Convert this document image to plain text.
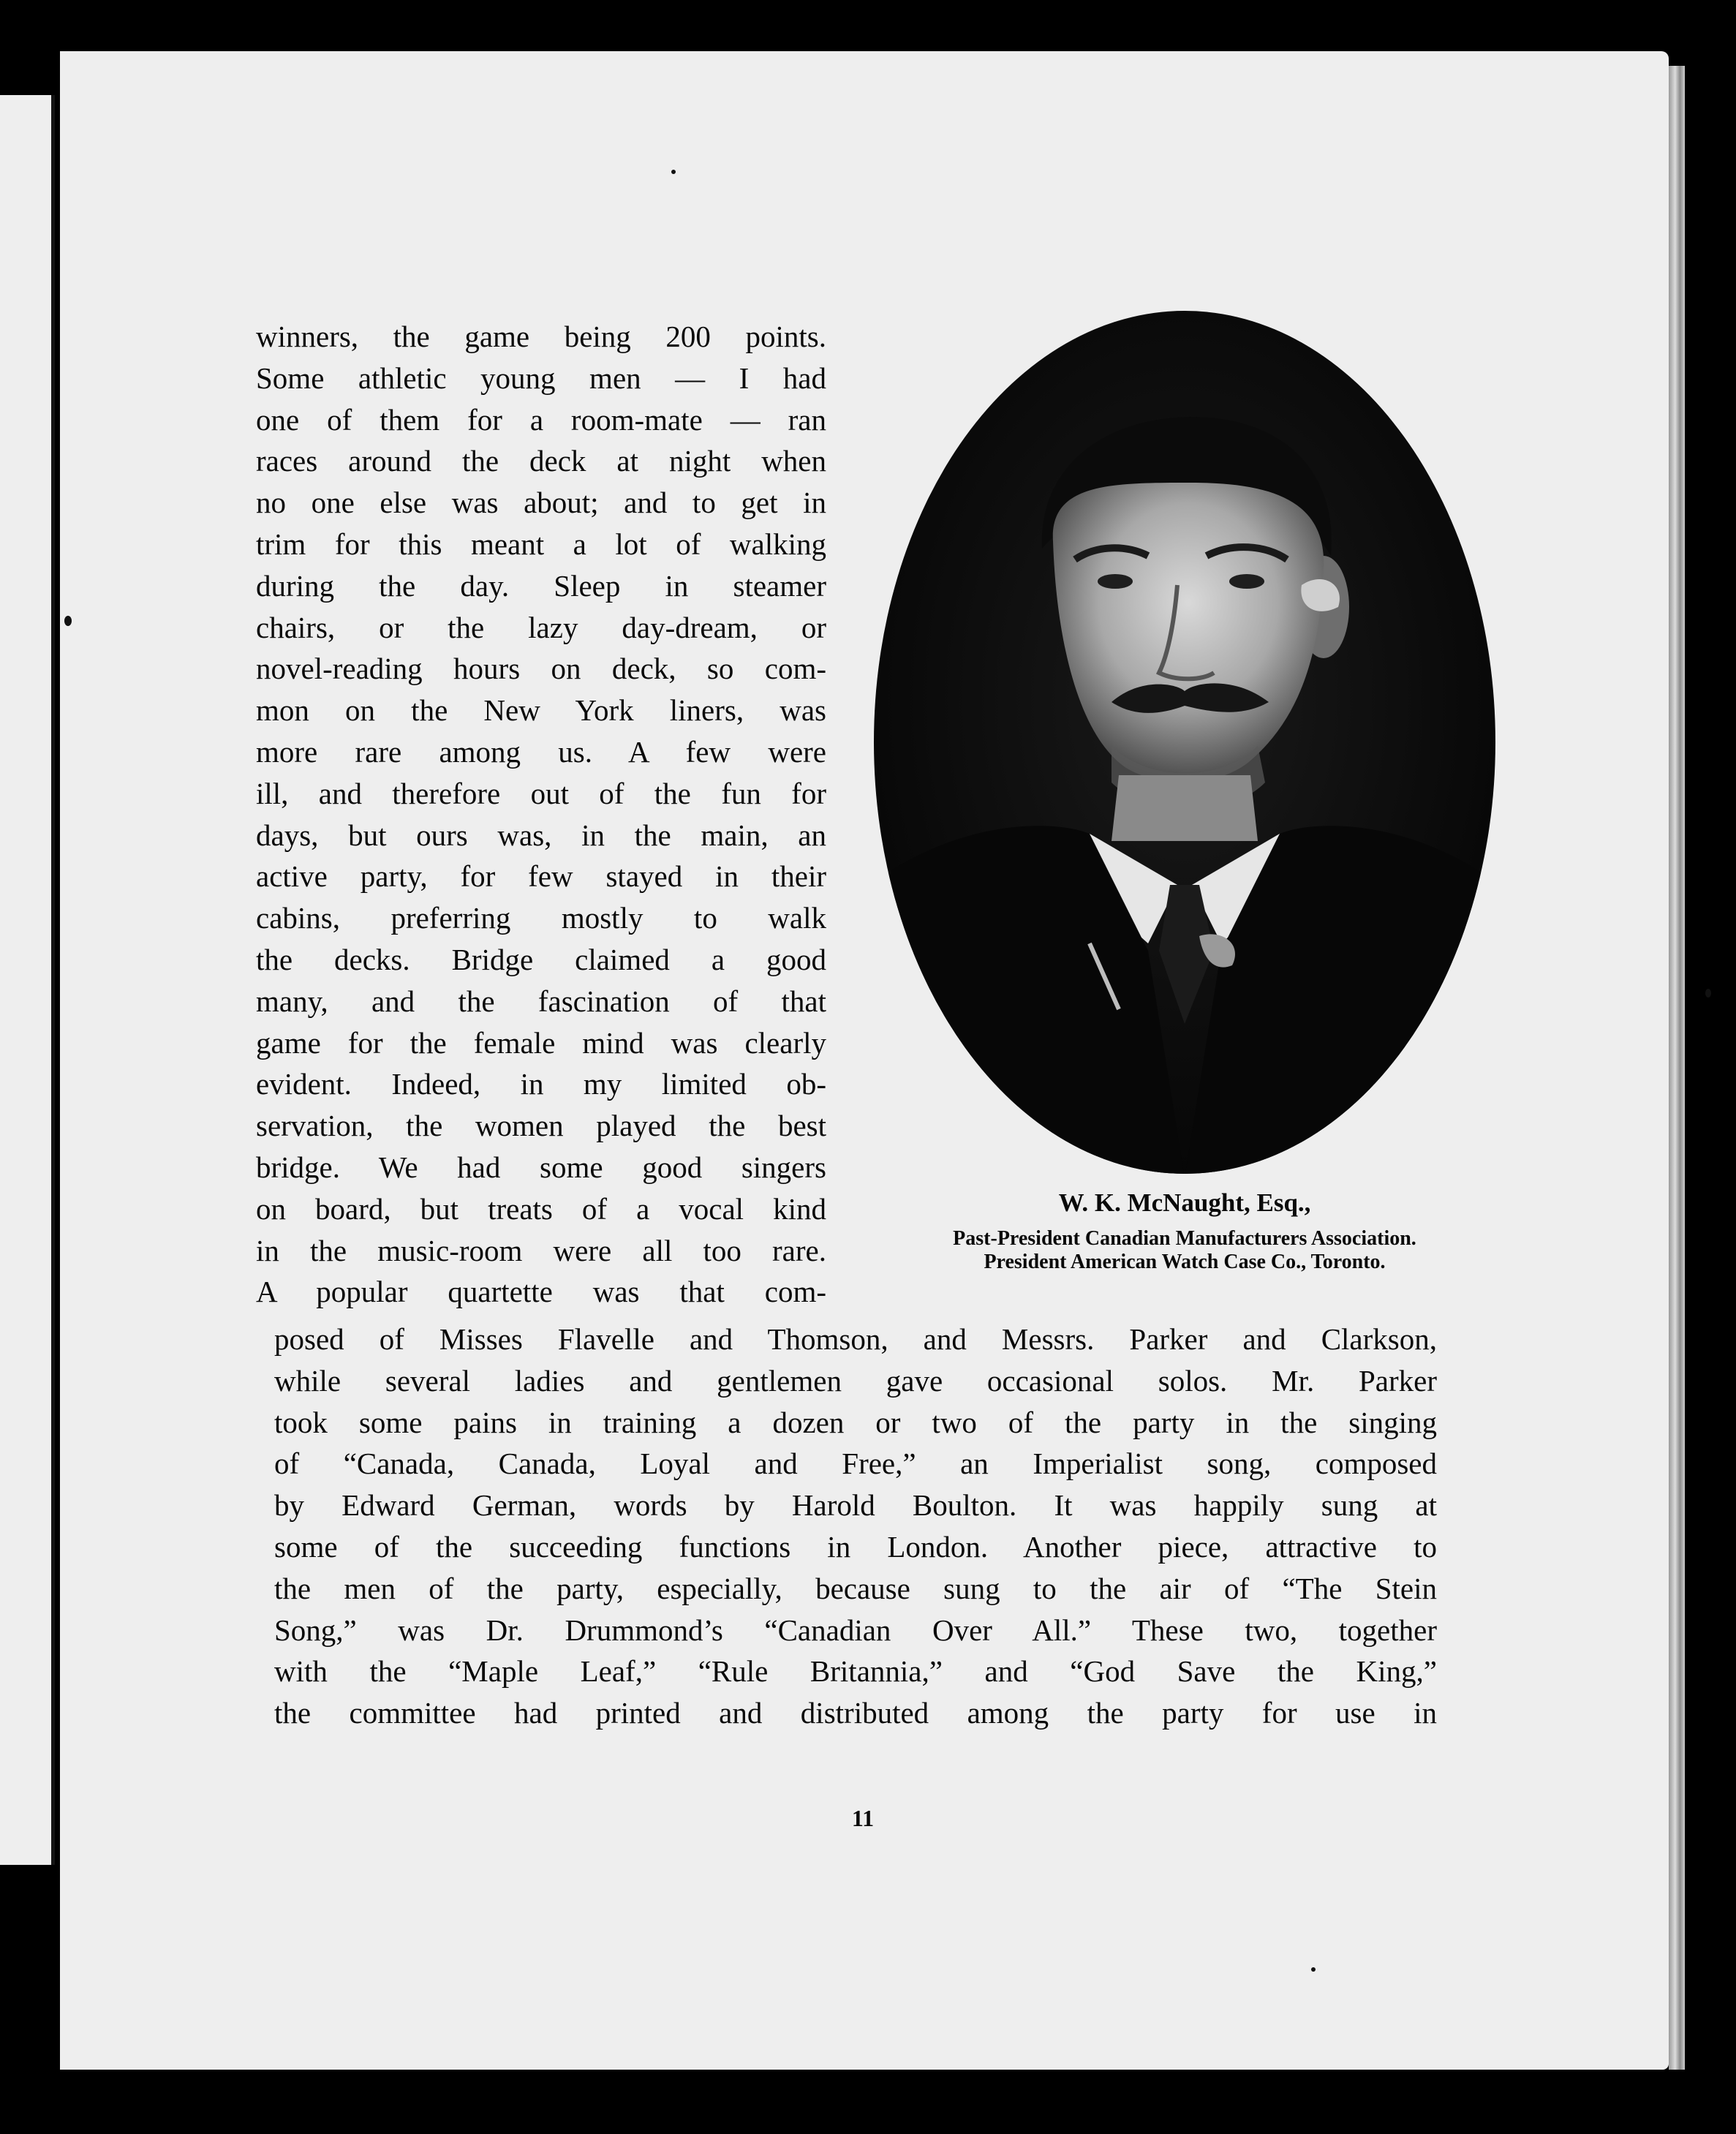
winners, the game being 200 points.
Some athletic young men — I had
one of them for a room-mate — ran
races around the deck at night when
no one else was about; and to get in
trim for this meant a lot of walking
during the day. Sleep in steamer
chairs, or the lazy day-dream, or
novel-reading hours on deck, so com-
mon on the New York liners, was
more rare among us. A few were
ill, and therefore out of the fun for
days, but ours was, in the main, an
active party, for few stayed in their
cabins, preferring mostly to walk
the decks. Bridge claimed a good
many, and the fascination of that
game for the female mind was clearly
evident. Indeed, in my limited ob-
servation, the women played the best
bridge. We had some good singers
on board, but treats of a vocal kind
in the music-room were all too rare.
A popular quartette was that com-
W. K. McNaught, Esq.,
Past-President Canadian Manufacturers Association.
President American Watch Case Co., Toronto.
posed of Misses Flavelle and Thomson, and Messrs. Parker and Clarkson,
while several ladies and gentlemen gave occasional solos. Mr. Parker
took some pains in training a dozen or two of the party in the singing
of “Canada, Canada, Loyal and Free,” an Imperialist song, composed
by Edward German, words by Harold Boulton. It was happily sung at
some of the succeeding functions in London. Another piece, attractive to
the men of the party, especially, because sung to the air of “The Stein
Song,” was Dr. Drummond’s “Canadian Over All.” These two, together
with the “Maple Leaf,” “Rule Britannia,” and “God Save the King,”
the committee had printed and distributed among the party for use in
11
